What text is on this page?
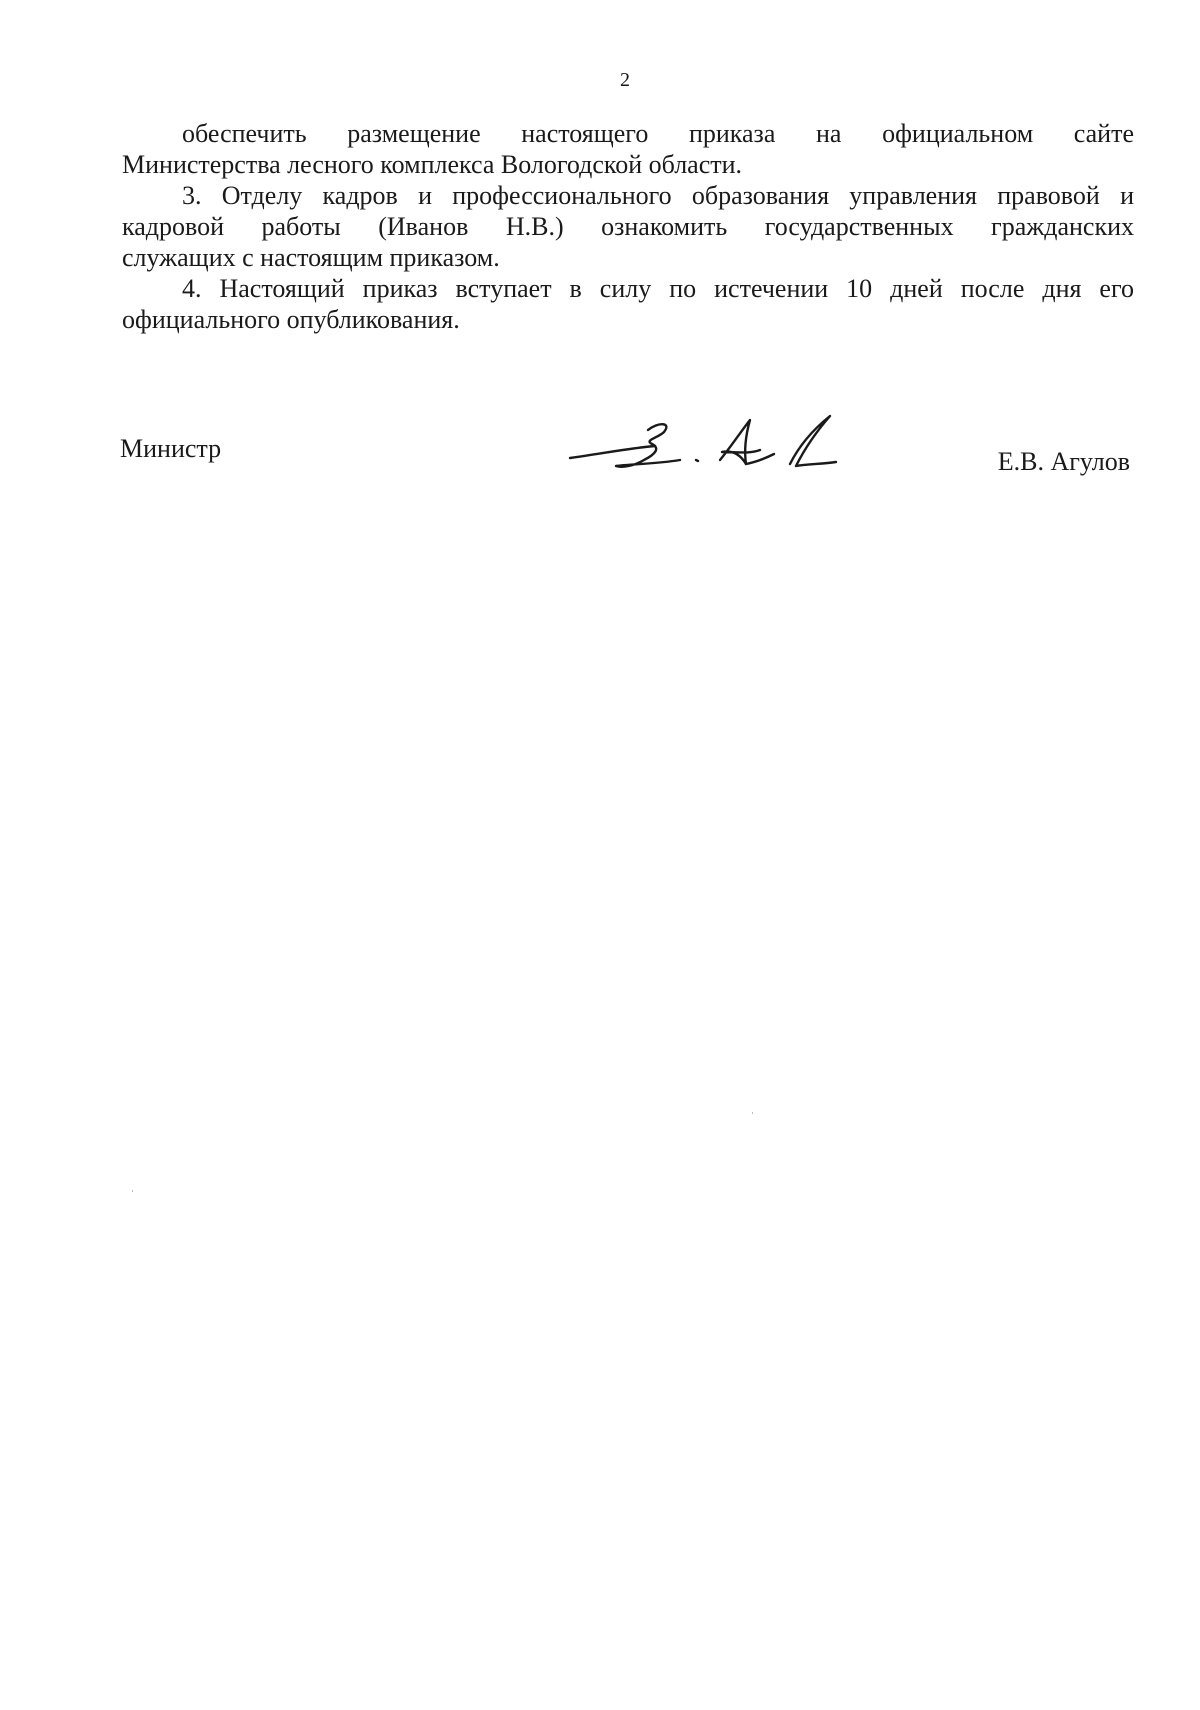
2

обеспечить размещение настоящего приказа на официальном сайте
Министерства лесного комплекса Вологодской области.

3. Отделу кадров и профессионального образования управления правовой и
кадровой работы (Иванов Н.В.) ознакомить государственных гражданских
служащих с настоящим приказом.

4. Настоящий приказ вступает в силу по истечении 10 дней после дня его
официального опубликования.

Министр	Е.В. Агулов
